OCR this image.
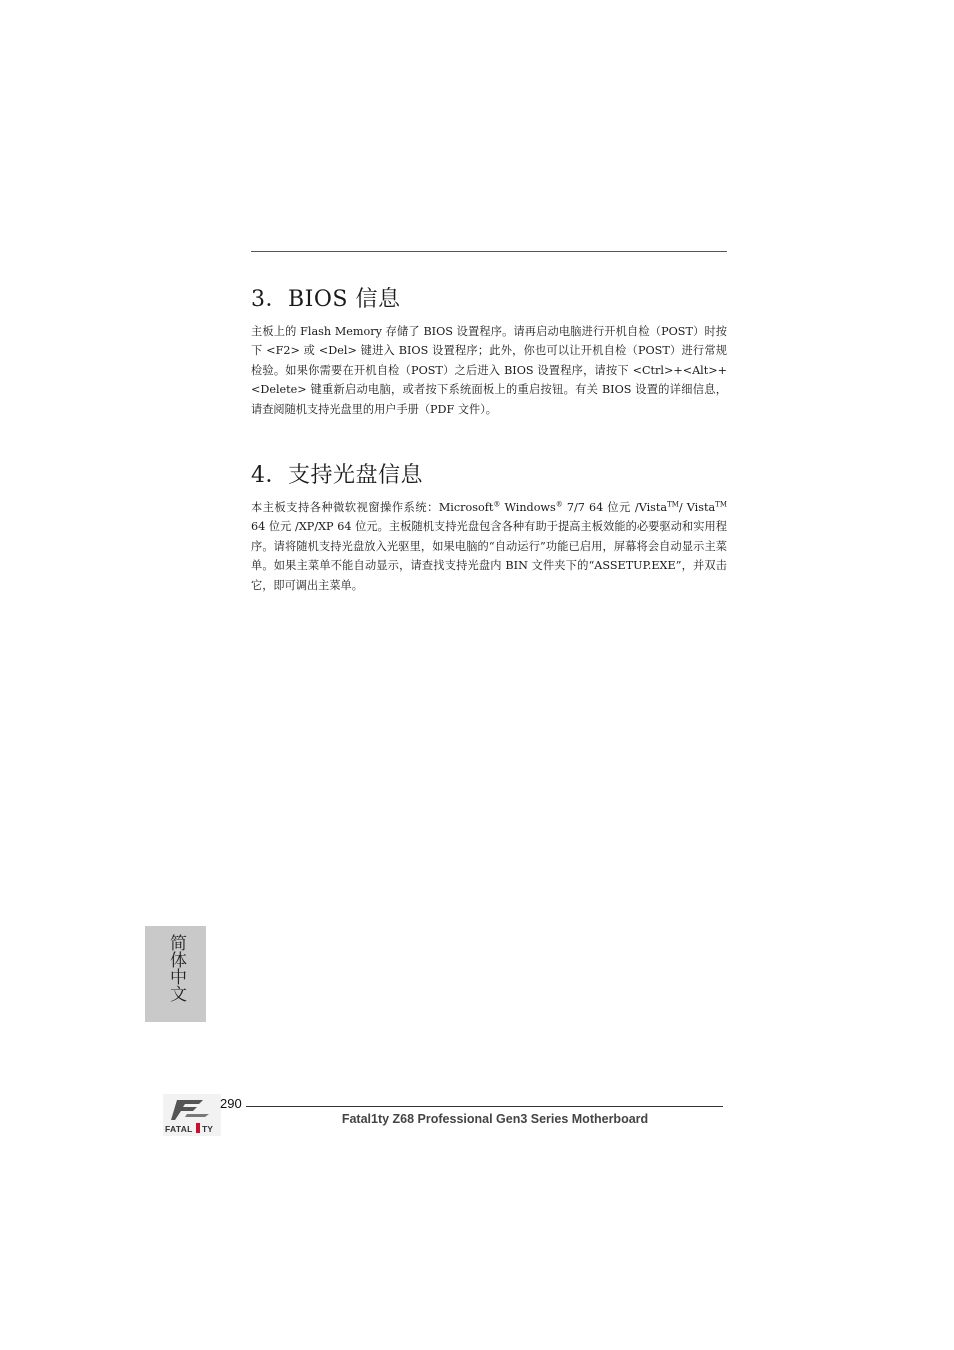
3．BIOS 信息

主板上的 Flash Memory 存储了 BIOS 设置程序。请再启动电脑进行开机自检（POST）时按下 <F2> 或 <Del> 键进入 BIOS 设置程序；此外，你也可以让开机自检（POST）进行常规检验。如果你需要在开机自检（POST）之后进入 BIOS 设置程序，请按下 <Ctrl>+<Alt>+<Delete> 键重新启动电脑，或者按下系统面板上的重启按钮。有关 BIOS 设置的详细信息，请查阅随机支持光盘里的用户手册（PDF 文件）。

4．支持光盘信息

本主板支持各种微软视窗操作系统：Microsoft® Windows® 7/7 64 位元 /Vista™/ Vista™ 64 位元 /XP/XP 64 位元。主板随机支持光盘包含各种有助于提高主板效能的必要驱动和实用程序。请将随机支持光盘放入光驱里，如果电脑的“自动运行”功能已启用，屏幕将会自动显示主菜单。如果主菜单不能自动显示，请查找支持光盘内 BIN 文件夹下的“ASSETUP.EXE”，并双击它，即可调出主菜单。

简体中文
FATAL TY
290
Fatal1ty Z68 Professional Gen3 Series Motherboard
